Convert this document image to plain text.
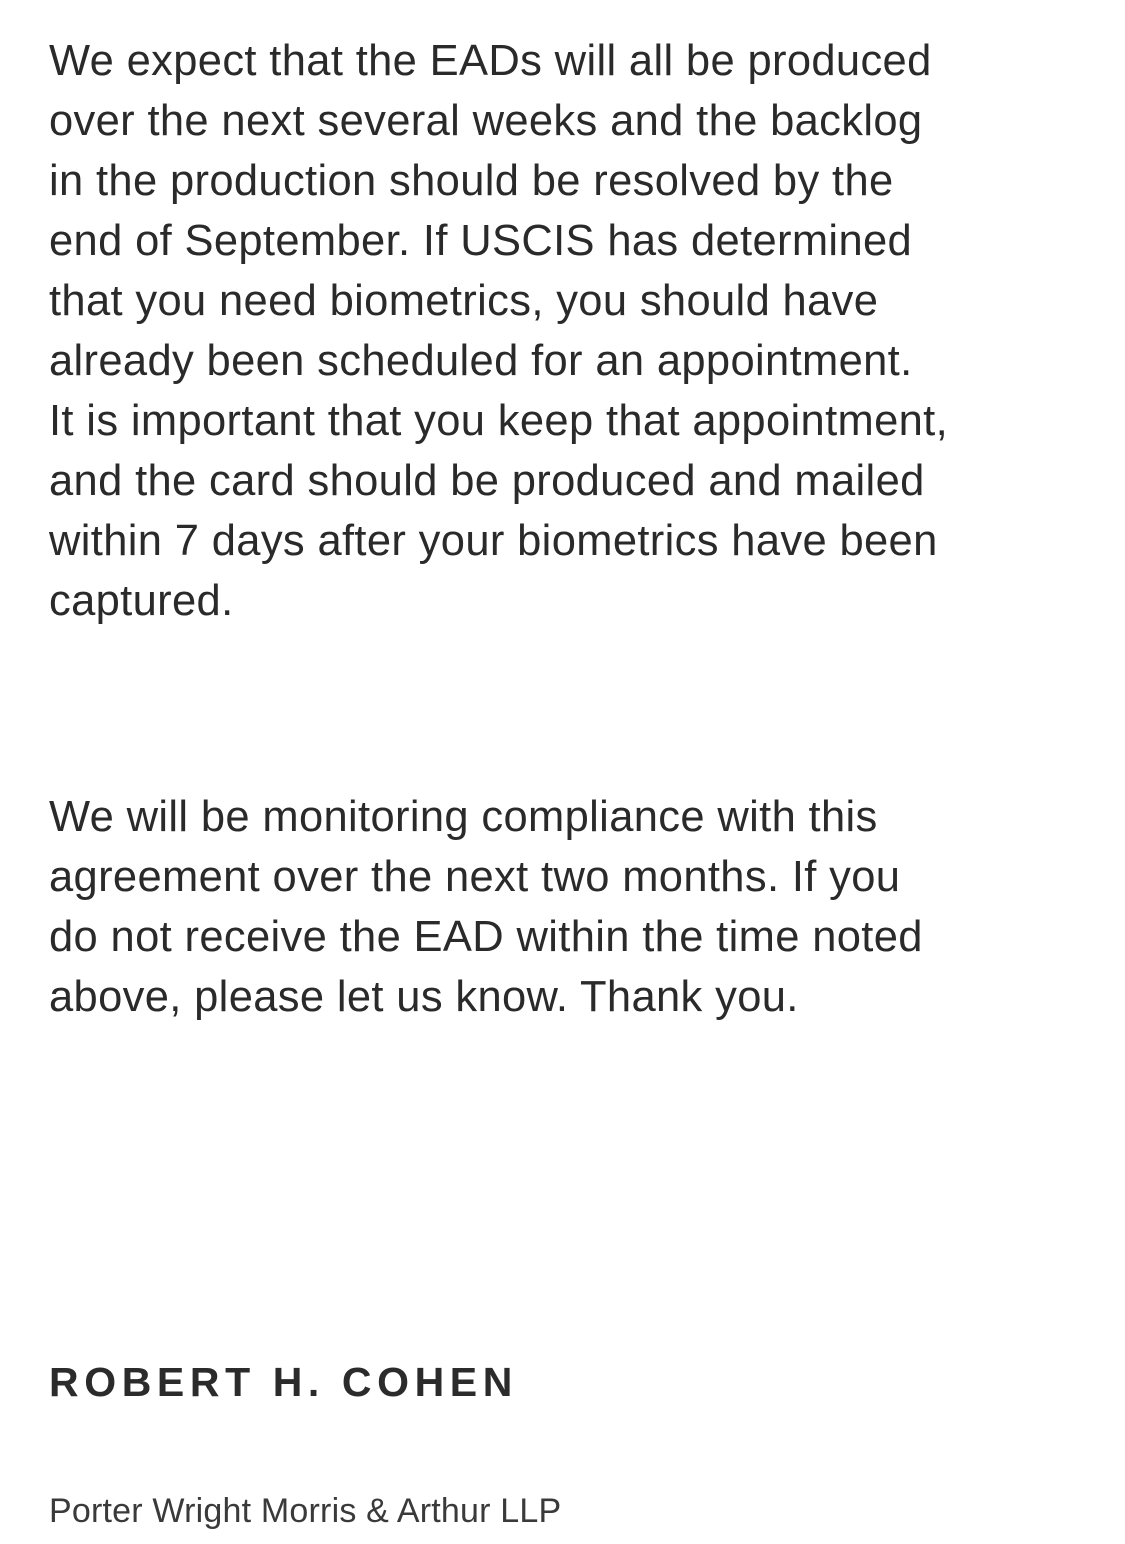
We expect that the EADs will all be produced
over the next several weeks and the backlog
in the production should be resolved by the
end of September. If USCIS has determined
that you need biometrics, you should have
already been scheduled for an appointment.
It is important that you keep that appointment,
and the card should be produced and mailed
within 7 days after your biometrics have been
captured.
We will be monitoring compliance with this
agreement over the next two months. If you
do not receive the EAD within the time noted
above, please let us know. Thank you.
ROBERT H. COHEN
Porter Wright Morris & Arthur LLP
